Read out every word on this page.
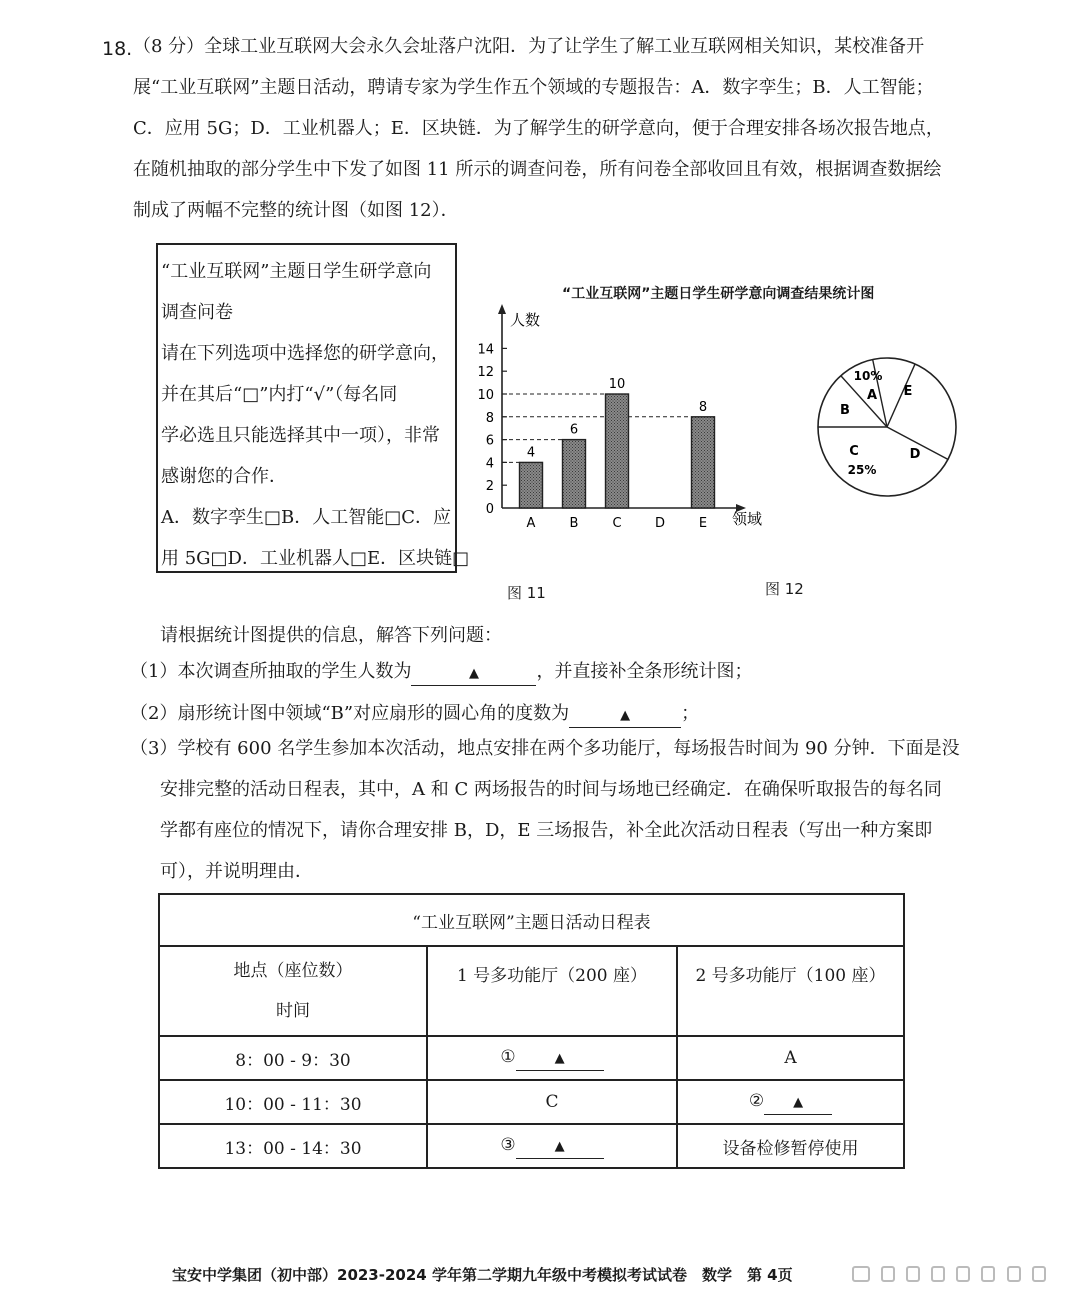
18. （8 分）全球工业互联网大会永久会址落户沈阳．为了让学生了解工业互联网相关知识，某校准备开
展“工业互联网”主题日活动，聘请专家为学生作五个领域的专题报告：A．数字孪生；B．人工智能；
C．应用 5G；D．工业机器人；E．区块链．为了解学生的研学意向，便于合理安排各场次报告地点，
在随机抽取的部分学生中下发了如图 11 所示的调查问卷，所有问卷全部收回且有效，根据调查数据绘
制成了两幅不完整的统计图（如图 12）．
“工业互联网”主题日学生研学意向
调查问卷
请在下列选项中选择您的研学意向，
并在其后“□”内打“√”（每名同
学必选且只能选择其中一项），非常
感谢您的合作．
A．数字孪生□B．人工智能□C．应
用 5G□D．工业机器人□E．区块链□
“工业互联网”主题日学生研学意向调查结果统计图
0
2
4
6
8
10
12
14
4
6
10
8
A	B	C	D	E
人数
领域
A
10%
B
C
25%
D
E
图 11	图 12
请根据统计图提供的信息，解答下列问题：
（1）本次调查所抽取的学生人数为	▲	，并直接补全条形统计图；
（2）扇形统计图中领域“B”对应扇形的圆心角的度数为	▲	；
（3）学校有 600 名学生参加本次活动，地点安排在两个多功能厅，每场报告时间为 90 分钟．下面是没
安排完整的活动日程表，其中，A 和 C 两场报告的时间与场地已经确定．在确保听取报告的每名同
学都有座位的情况下，请你合理安排 B，D，E 三场报告，补全此次活动日程表（写出一种方案即
可），并说明理由．
“工业互联网”主题日活动日程表		

地点（座位数）
时间	1 号多功能厅（200 座）	2 号多功能厅（100 座）
8：00 - 9：30	① ▲	A
10：00 - 11：30	C	② ▲
13：00 - 14：30	③ ▲	设备检修暂停使用
宝安中学集团（初中部）2023-2024 学年第二学期九年级中考模拟考试试卷　数学　第 4页
